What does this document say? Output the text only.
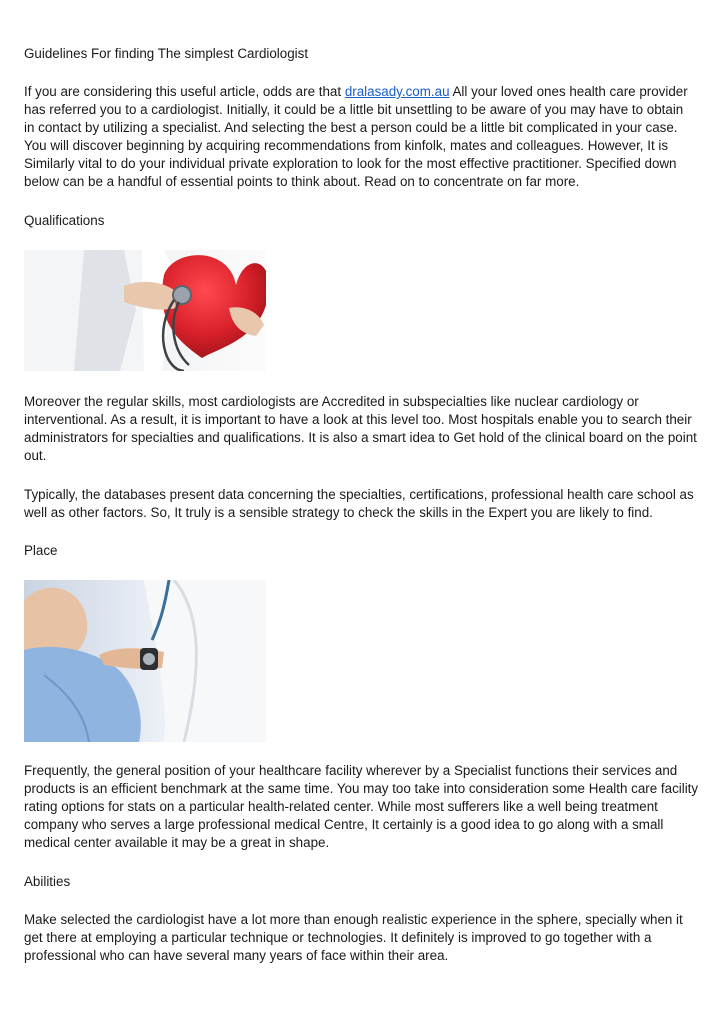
Guidelines For finding The simplest Cardiologist

If you are considering this useful article, odds are that dralasady.com.au All your loved ones health care provider

has referred you to a cardiologist. Initially, it could be a little bit unsettling to be aware of you may have to obtain

in contact by utilizing a specialist. And selecting the best a person could be a little bit complicated in your case.

You will discover beginning by acquiring recommendations from kinfolk, mates and colleagues. However, It is

Similarly vital to do your individual private exploration to look for the most effective practitioner. Specified down

below can be a handful of essential points to think about. Read on to concentrate on far more.

Qualifications

Moreover the regular skills, most cardiologists are Accredited in subspecialties like nuclear cardiology or

interventional. As a result, it is important to have a look at this level too. Most hospitals enable you to search their

administrators for specialties and qualifications. It is also a smart idea to Get hold of the clinical board on the point

out.

Typically, the databases present data concerning the specialties, certifications, professional health care school as

well as other factors. So, It truly is a sensible strategy to check the skills in the Expert you are likely to find.

Place

Frequently, the general position of your healthcare facility wherever by a Specialist functions their services and

products is an efficient benchmark at the same time. You may too take into consideration some Health care facility

rating options for stats on a particular health-related center. While most sufferers like a well being treatment

company who serves a large professional medical Centre, It certainly is a good idea to go along with a small

medical center available it may be a great in shape.

Abilities

Make selected the cardiologist have a lot more than enough realistic experience in the sphere, specially when it

get there at employing a particular technique or technologies. It definitely is improved to go together with a

professional who can have several many years of face within their area.
